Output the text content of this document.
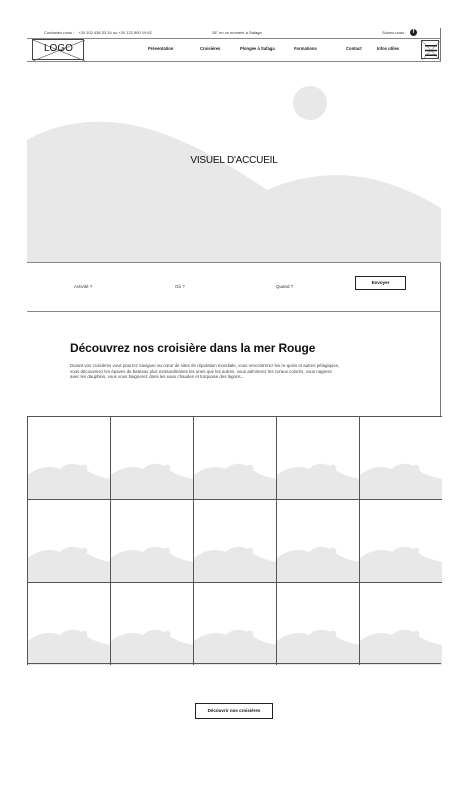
Contactez-nous : +20 102 438 33 34 ou +20 122 800 19 62	28° en ce moment à Safaga	Suivez-nous :	f
LOGO	Présentation	Croisières	Plongée à Safaga	Formations	Contact	Infos utiles
VISUEL D'ACCUEIL
Activité ?	Où ?	Quand ?
Envoyer
Découvrez nos croisière dans la mer Rouge
Durant vos croisières vous pourrez naviguer au cœur de sites de réputation mondiale, vous rencontrerez les re-quins et autres pélagiques, vous découvrirez les épaves de bateaux plus extraordinaires les unes que les autres, vous admirerez les coraux colorés, vous nagerez avec les dauphins, vous vous baignerez dans les eaux chaudes et turquoise des lagons...
Découvrir nos croisières
